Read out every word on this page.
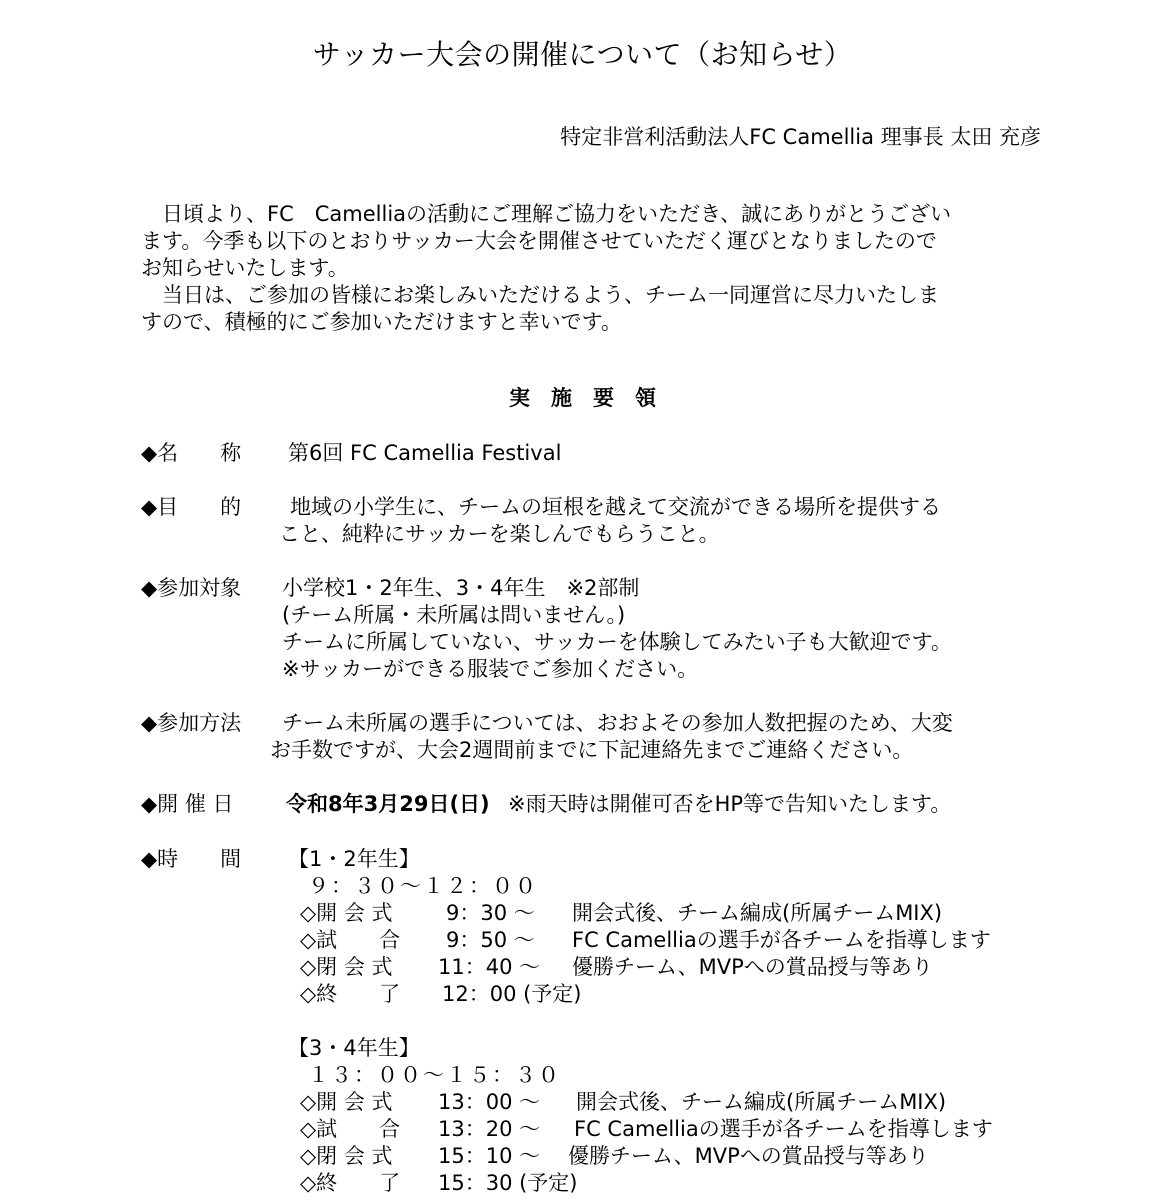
サッカー大会の開催について（お知らせ）
特定非営利活動法人FC Camellia 理事長 太田 充彦
　日頃より、FC　Camelliaの活動にご理解ご協力をいただき、誠にありがとうござい
ます。今季も以下のとおりサッカー大会を開催させていただく運びとなりましたので
お知らせいたします。
　当日は、ご参加の皆様にお楽しみいただけるよう、チーム一同運営に尽力いたしま
すので、積極的にご参加いただけますと幸いです。
実　施　要　領
◆名　　称 第6回 FC Camellia Festival
◆目　　的 地域の小学生に、チームの垣根を越えて交流ができる場所を提供する
こと、純粋にサッカーを楽しんでもらうこと。
◆参加対象 小学校1・2年生、3・4年生　※2部制
(チーム所属・未所属は問いません。)
チームに所属していない、サッカーを体験してみたい子も大歓迎です。
※サッカーができる服装でご参加ください。
◆参加方法 チーム未所属の選手については、おおよその参加人数把握のため、大変
お手数ですが、大会2週間前までに下記連絡先までご連絡ください。
◆開 催 日 令和8年3月29日(日) ※雨天時は開催可否をHP等で告知いたします。
◆時　　間 【1・2年生】
９：３０〜１２：００
◇開 会 式	9：30 〜 開会式後、チーム編成(所属チームMIX)
◇試　　合 9：50 〜 FC Camelliaの選手が各チームを指導します
◇閉 会 式 11：40 〜 優勝チーム、MVPへの賞品授与等あり
◇終　　了 12：00 (予定)
【3・4年生】
１３：００〜１５：３０
◇開 会 式 13：00 〜 開会式後、チーム編成(所属チームMIX)
◇試　　合 13：20 〜 FC Camelliaの選手が各チームを指導します
◇閉 会 式 15：10 〜 優勝チーム、MVPへの賞品授与等あり
◇終　　了 15：30 (予定)
